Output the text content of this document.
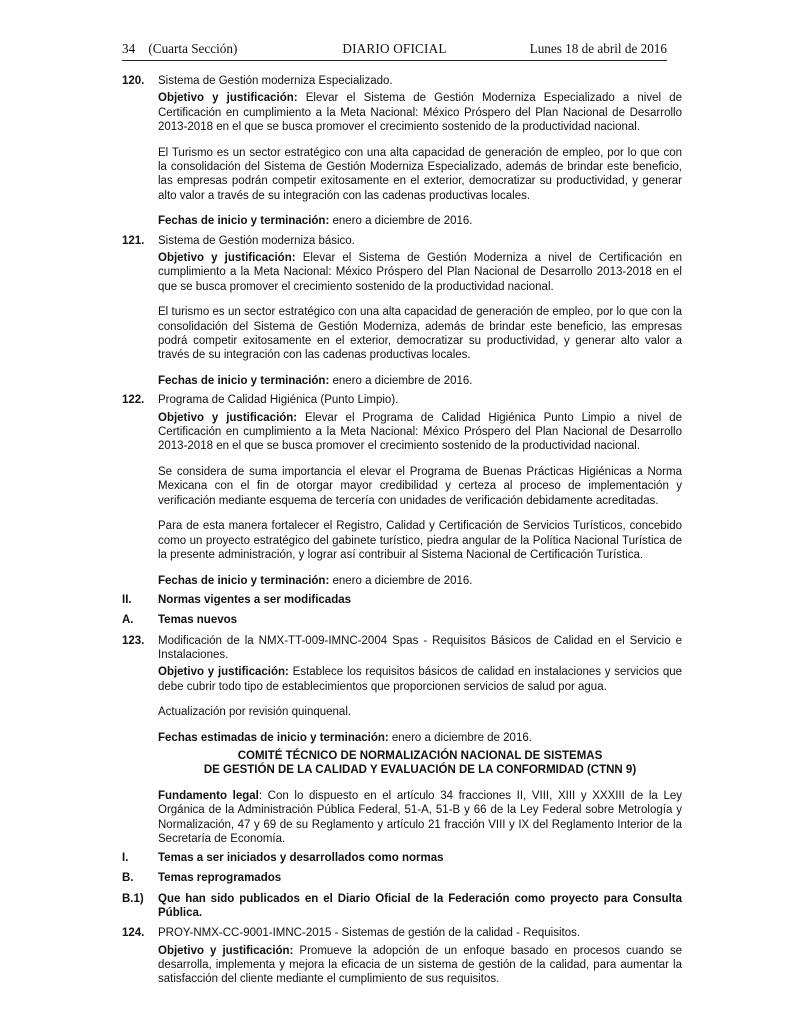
34 (Cuarta Sección)	DIARIO OFICIAL	Lunes 18 de abril de 2016
120. Sistema de Gestión moderniza Especializado.

Objetivo y justificación: Elevar el Sistema de Gestión Moderniza Especializado a nivel de Certificación en cumplimiento a la Meta Nacional: México Próspero del Plan Nacional de Desarrollo 2013-2018 en el que se busca promover el crecimiento sostenido de la productividad nacional.

El Turismo es un sector estratégico con una alta capacidad de generación de empleo, por lo que con la consolidación del Sistema de Gestión Moderniza Especializado, además de brindar este beneficio, las empresas podrán competir exitosamente en el exterior, democratizar su productividad, y generar alto valor a través de su integración con las cadenas productivas locales.

Fechas de inicio y terminación: enero a diciembre de 2016.

121. Sistema de Gestión moderniza básico.

Objetivo y justificación: Elevar el Sistema de Gestión Moderniza a nivel de Certificación en cumplimiento a la Meta Nacional: México Próspero del Plan Nacional de Desarrollo 2013-2018 en el que se busca promover el crecimiento sostenido de la productividad nacional.

El turismo es un sector estratégico con una alta capacidad de generación de empleo, por lo que con la consolidación del Sistema de Gestión Moderniza, además de brindar este beneficio, las empresas podrá competir exitosamente en el exterior, democratizar su productividad, y generar alto valor a través de su integración con las cadenas productivas locales.

Fechas de inicio y terminación: enero a diciembre de 2016.

122. Programa de Calidad Higiénica (Punto Limpio).

Objetivo y justificación: Elevar el Programa de Calidad Higiénica Punto Limpio a nivel de Certificación en cumplimiento a la Meta Nacional: México Próspero del Plan Nacional de Desarrollo 2013-2018 en el que se busca promover el crecimiento sostenido de la productividad nacional.

Se considera de suma importancia el elevar el Programa de Buenas Prácticas Higiénicas a Norma Mexicana con el fin de otorgar mayor credibilidad y certeza al proceso de implementación y verificación mediante esquema de tercería con unidades de verificación debidamente acreditadas.

Para de esta manera fortalecer el Registro, Calidad y Certificación de Servicios Turísticos, concebido como un proyecto estratégico del gabinete turístico, piedra angular de la Política Nacional Turística de la presente administración, y lograr así contribuir al Sistema Nacional de Certificación Turística.

Fechas de inicio y terminación: enero a diciembre de 2016.

II. Normas vigentes a ser modificadas
A. Temas nuevos
123. Modificación de la NMX-TT-009-IMNC-2004 Spas - Requisitos Básicos de Calidad en el Servicio e Instalaciones.

Objetivo y justificación: Establece los requisitos básicos de calidad en instalaciones y servicios que debe cubrir todo tipo de establecimientos que proporcionen servicios de salud por agua.

Actualización por revisión quinquenal.

Fechas estimadas de inicio y terminación: enero a diciembre de 2016.

COMITÉ TÉCNICO DE NORMALIZACIÓN NACIONAL DE SISTEMAS
DE GESTIÓN DE LA CALIDAD Y EVALUACIÓN DE LA CONFORMIDAD (CTNN 9)

Fundamento legal: Con lo dispuesto en el artículo 34 fracciones II, VIII, XIII y XXXIII de la Ley Orgánica de la Administración Pública Federal, 51-A, 51-B y 66 de la Ley Federal sobre Metrología y Normalización, 47 y 69 de su Reglamento y artículo 21 fracción VIII y IX del Reglamento Interior de la Secretaría de Economía.

I.	Temas a ser iniciados y desarrollados como normas
B. Temas reprogramados
B.1) Que han sido publicados en el Diario Oficial de la Federación como proyecto para Consulta Pública.
124. PROY-NMX-CC-9001-IMNC-2015 - Sistemas de gestión de la calidad - Requisitos.

Objetivo y justificación: Promueve la adopción de un enfoque basado en procesos cuando se desarrolla, implementa y mejora la eficacia de un sistema de gestión de la calidad, para aumentar la satisfacción del cliente mediante el cumplimiento de sus requisitos.
